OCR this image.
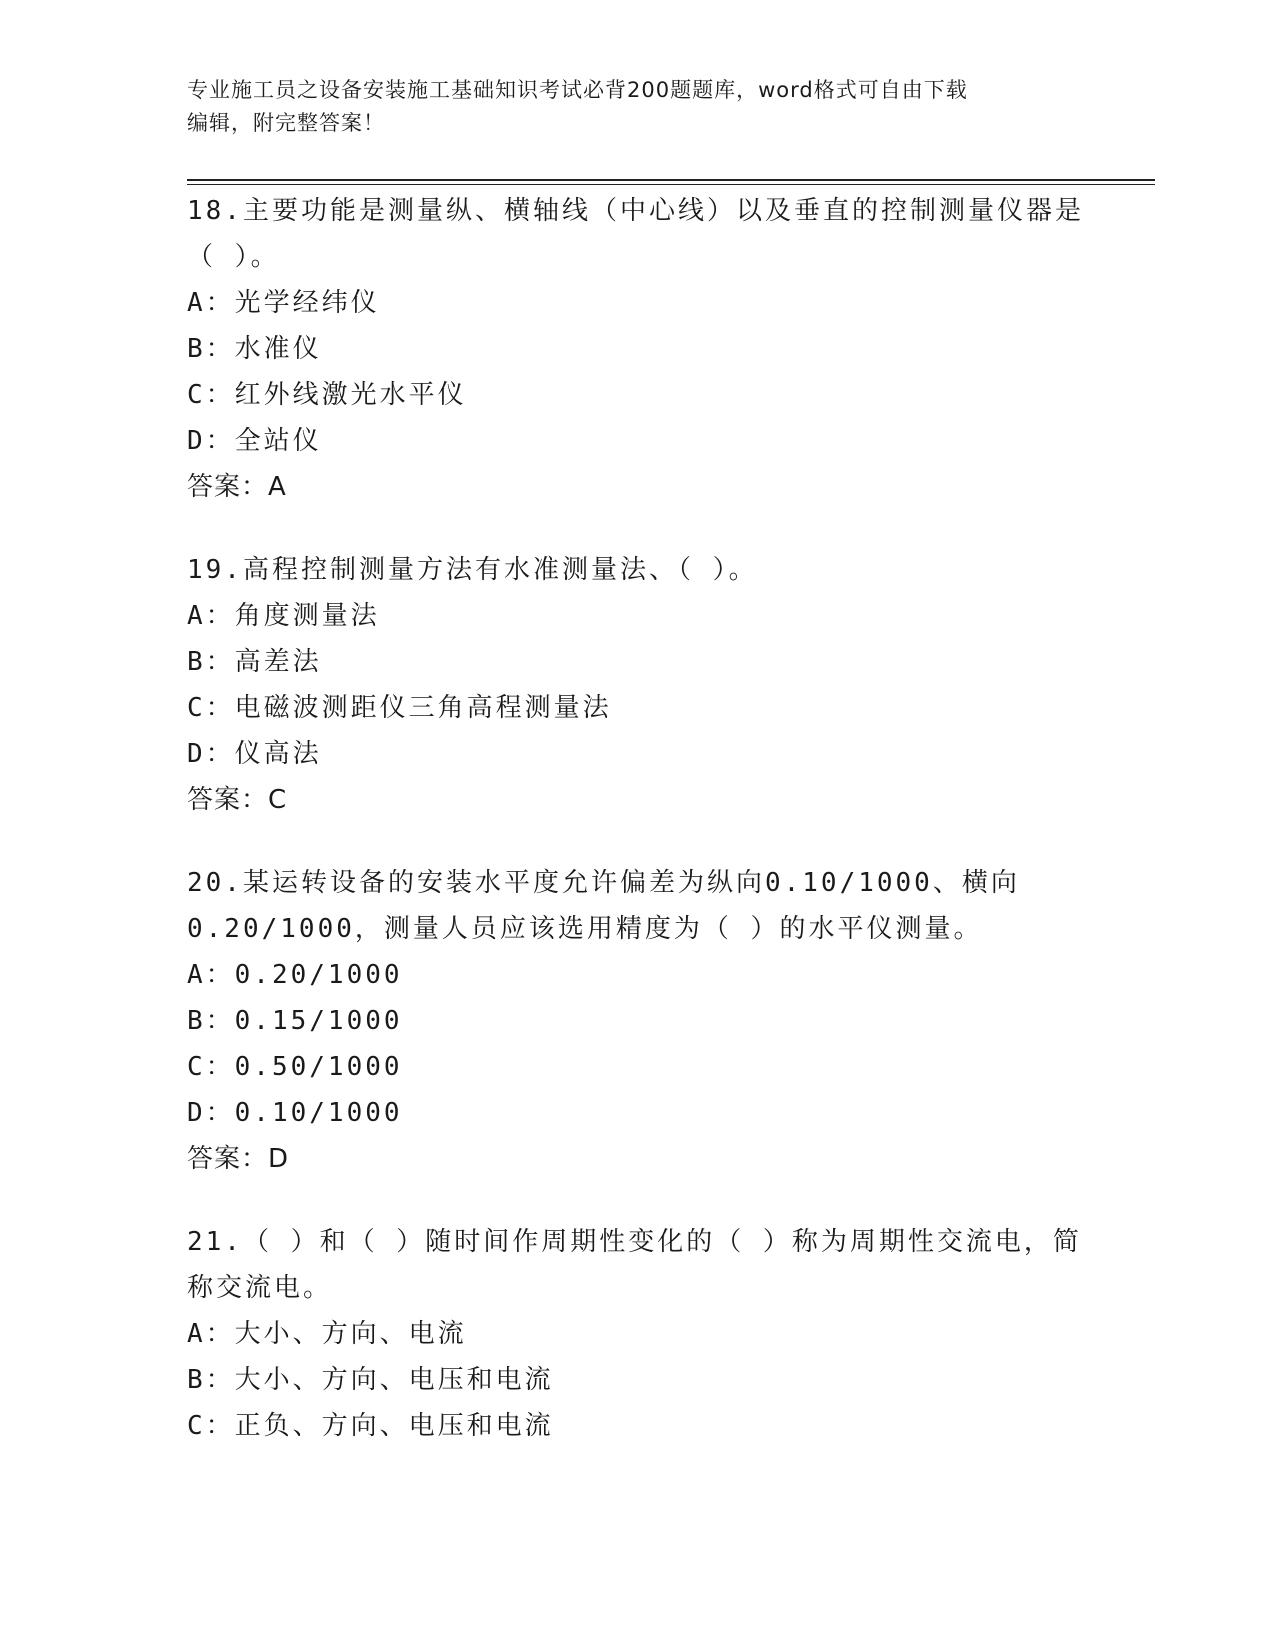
专业施工员之设备安装施工基础知识考试必背200题题库，word格式可自由下载
编辑，附完整答案！
18.主要功能是测量纵、横轴线（中心线）以及垂直的控制测量仪器是
（ ）。
A：光学经纬仪
B：水准仪
C：红外线激光水平仪
D：全站仪
答案：A
19.高程控制测量方法有水准测量法、（ ）。
A：角度测量法
B：高差法
C：电磁波测距仪三角高程测量法
D：仪高法
答案：C
20.某运转设备的安装水平度允许偏差为纵向0.10/1000、横向
0.20/1000，测量人员应该选用精度为（ ）的水平仪测量。
A：0.20/1000
B：0.15/1000
C：0.50/1000
D：0.10/1000
答案：D
21.（ ）和（ ）随时间作周期性变化的（ ）称为周期性交流电，简
称交流电。
A：大小、方向、电流
B：大小、方向、电压和电流
C：正负、方向、电压和电流
